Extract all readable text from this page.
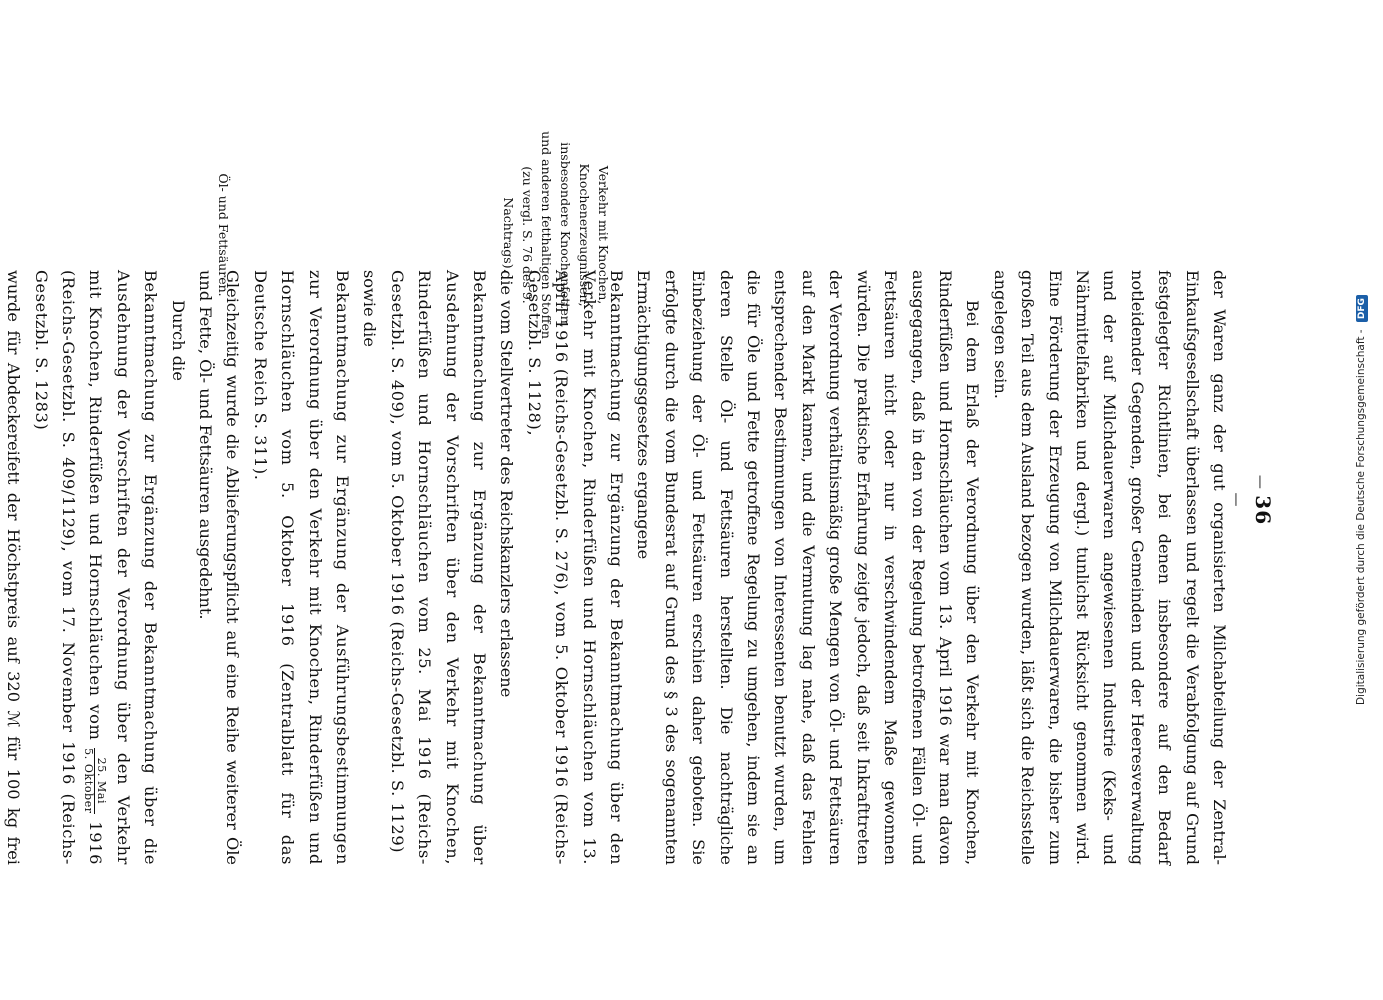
Digitalisierung gefördert durch die Deutsche Forschungsgemeinschaft - DFG
— 36 —
Verkehr mit Knochen, Knochenerzeugnissen, insbesondere Knochenfetten, und anderen fetthaltigen Stoffen (zu vergl. S. 76 des 9. Nachtrags).
Öl- und Fettsäuren.

der Waren ganz der gut organisierten Milchabteilung der Zentral-Einkaufsgesellschaft überlassen und regelt die Verabfolgung auf Grund festgelegter Richtlinien, bei denen insbesondere auf den Bedarf notleidender Gegenden, großer Gemeinden und der Heeresverwaltung und der auf Milchdauerwaren angewiesenen Industrie (Keks- und Nährmittelfabriken und dergl.) tunlichst Rücksicht genommen wird. Eine Förderung der Erzeugung von Milchdauerwaren, die bisher zum großen Teil aus dem Ausland bezogen wurden, läßt sich die Reichsstelle angelegen sein.

Bei dem Erlaß der Verordnung über den Verkehr mit Knochen, Rinderfüßen und Hornschläuchen vom 13. April 1916 war man davon ausgegangen, daß in den von der Regelung betroffenen Fällen Öl- und Fettsäuren nicht oder nur in verschwindendem Maße gewonnen würden. Die praktische Erfahrung zeigte jedoch, daß seit Inkrafttreten der Verordnung verhältnismäßig große Mengen von Öl- und Fettsäuren auf den Markt kamen, und die Vermutung lag nahe, daß das Fehlen entsprechender Bestimmungen von Interessenten benutzt wurden, um die für Öle und Fette getroffene Regelung zu umgehen, indem sie an deren Stelle Öl- und Fettsäuren herstellten. Die nachträgliche Einbeziehung der Öl- und Fettsäuren erschien daher geboten. Sie erfolgte durch die vom Bundesrat auf Grund des § 3 des sogenannten Ermächtigungsgesetzes ergangene

Bekanntmachung zur Ergänzung der Bekanntmachung über den Verkehr mit Knochen, Rinderfüßen und Hornschläuchen vom 13. April 1916 (Reichs-Gesetzbl. S. 276), vom 5. Oktober 1916 (Reichs-Gesetzbl. S. 1128),

die vom Stellvertreter des Reichskanzlers erlassene

Bekanntmachung zur Ergänzung der Bekanntmachung über Ausdehnung der Vorschriften über den Verkehr mit Knochen, Rinderfüßen und Hornschläuchen vom 25. Mai 1916 (Reichs-Gesetzbl. S. 409), vom 5. Oktober 1916 (Reichs-Gesetzbl. S. 1129)

sowie die

Bekanntmachung zur Ergänzung der Ausführungsbestimmungen zur Verordnung über den Verkehr mit Knochen, Rinderfüßen und Hornschläuchen vom 5. Oktober 1916 (Zentralblatt für das Deutsche Reich S. 311).

Gleichzeitig wurde die Ablieferungspflicht auf eine Reihe weiterer Öle und Fette, Öl- und Fettsäuren ausgedehnt.

Durch die

Bekanntmachung zur Ergänzung der Bekanntmachung über die Ausdehnung der Vorschriften der Verordnung über den Verkehr mit Knochen, Rinderfüßen und Hornschläuchen vom
25. Mai
5. Oktober
1916 (Reichs-Gesetzbl. S. 409/1129), vom 17. November 1916 (Reichs-Gesetzbl. S. 1283)

wurde für Abdeckereifett der Höchstpreis auf 320 ℳ für 100 kg frei
